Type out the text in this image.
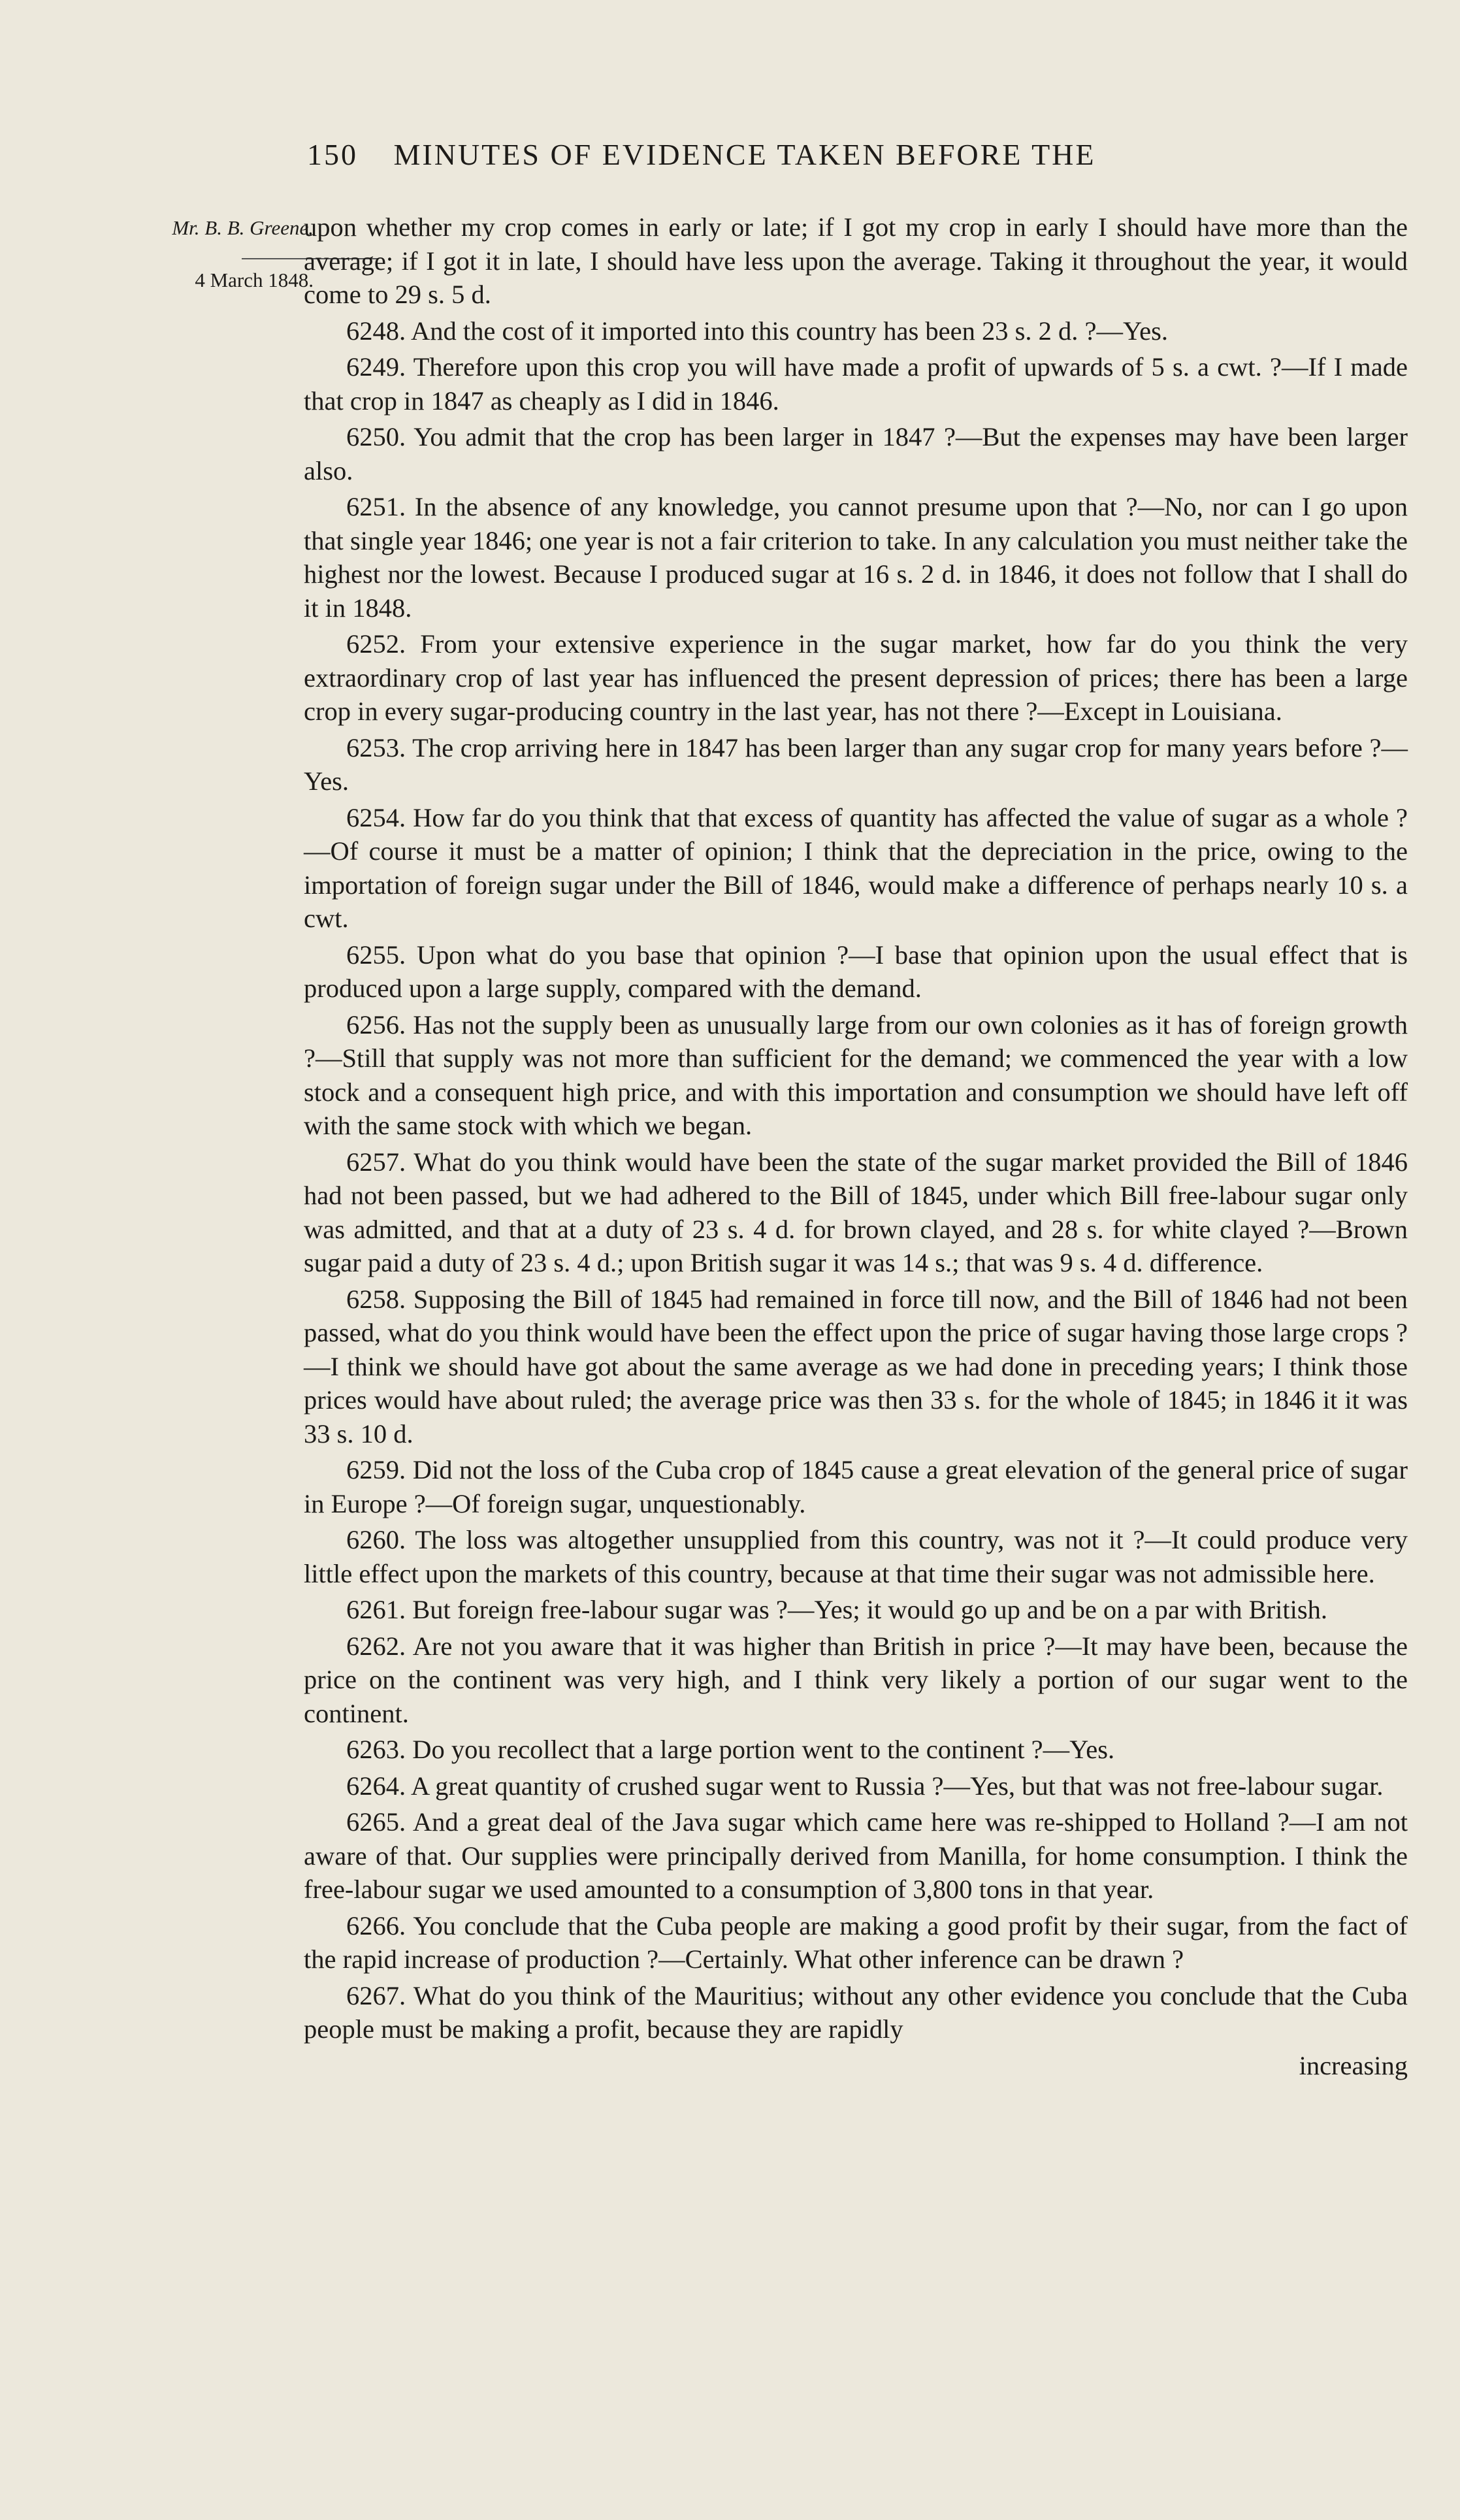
150 MINUTES OF EVIDENCE TAKEN BEFORE THE
Mr. B. B. Greene.
4 March 1848.

upon whether my crop comes in early or late; if I got my crop in early I should have more than the average; if I got it in late, I should have less upon the average. Taking it throughout the year, it would come to 29 s. 5 d.

6248. And the cost of it imported into this country has been 23 s. 2 d. ?—Yes.

6249. Therefore upon this crop you will have made a profit of upwards of 5 s. a cwt. ?—If I made that crop in 1847 as cheaply as I did in 1846.

6250. You admit that the crop has been larger in 1847 ?—But the expenses may have been larger also.

6251. In the absence of any knowledge, you cannot presume upon that ?—No, nor can I go upon that single year 1846; one year is not a fair criterion to take. In any calculation you must neither take the highest nor the lowest. Because I produced sugar at 16 s. 2 d. in 1846, it does not follow that I shall do it in 1848.

6252. From your extensive experience in the sugar market, how far do you think the very extraordinary crop of last year has influenced the present depression of prices; there has been a large crop in every sugar-producing country in the last year, has not there ?—Except in Louisiana.

6253. The crop arriving here in 1847 has been larger than any sugar crop for many years before ?—Yes.

6254. How far do you think that that excess of quantity has affected the value of sugar as a whole ?—Of course it must be a matter of opinion; I think that the depreciation in the price, owing to the importation of foreign sugar under the Bill of 1846, would make a difference of perhaps nearly 10 s. a cwt.

6255. Upon what do you base that opinion ?—I base that opinion upon the usual effect that is produced upon a large supply, compared with the demand.

6256. Has not the supply been as unusually large from our own colonies as it has of foreign growth ?—Still that supply was not more than sufficient for the demand; we commenced the year with a low stock and a consequent high price, and with this importation and consumption we should have left off with the same stock with which we began.

6257. What do you think would have been the state of the sugar market provided the Bill of 1846 had not been passed, but we had adhered to the Bill of 1845, under which Bill free-labour sugar only was admitted, and that at a duty of 23 s. 4 d. for brown clayed, and 28 s. for white clayed ?—Brown sugar paid a duty of 23 s. 4 d.; upon British sugar it was 14 s.; that was 9 s. 4 d. difference.

6258. Supposing the Bill of 1845 had remained in force till now, and the Bill of 1846 had not been passed, what do you think would have been the effect upon the price of sugar having those large crops ?—I think we should have got about the same average as we had done in preceding years; I think those prices would have about ruled; the average price was then 33 s. for the whole of 1845; in 1846 it it was 33 s. 10 d.

6259. Did not the loss of the Cuba crop of 1845 cause a great elevation of the general price of sugar in Europe ?—Of foreign sugar, unquestionably.

6260. The loss was altogether unsupplied from this country, was not it ?—It could produce very little effect upon the markets of this country, because at that time their sugar was not admissible here.

6261. But foreign free-labour sugar was ?—Yes; it would go up and be on a par with British.

6262. Are not you aware that it was higher than British in price ?—It may have been, because the price on the continent was very high, and I think very likely a portion of our sugar went to the continent.

6263. Do you recollect that a large portion went to the continent ?—Yes.

6264. A great quantity of crushed sugar went to Russia ?—Yes, but that was not free-labour sugar.

6265. And a great deal of the Java sugar which came here was re-shipped to Holland ?—I am not aware of that. Our supplies were principally derived from Manilla, for home consumption. I think the free-labour sugar we used amounted to a consumption of 3,800 tons in that year.

6266. You conclude that the Cuba people are making a good profit by their sugar, from the fact of the rapid increase of production ?—Certainly. What other inference can be drawn ?

6267. What do you think of the Mauritius; without any other evidence you conclude that the Cuba people must be making a profit, because they are rapidly

increasing
